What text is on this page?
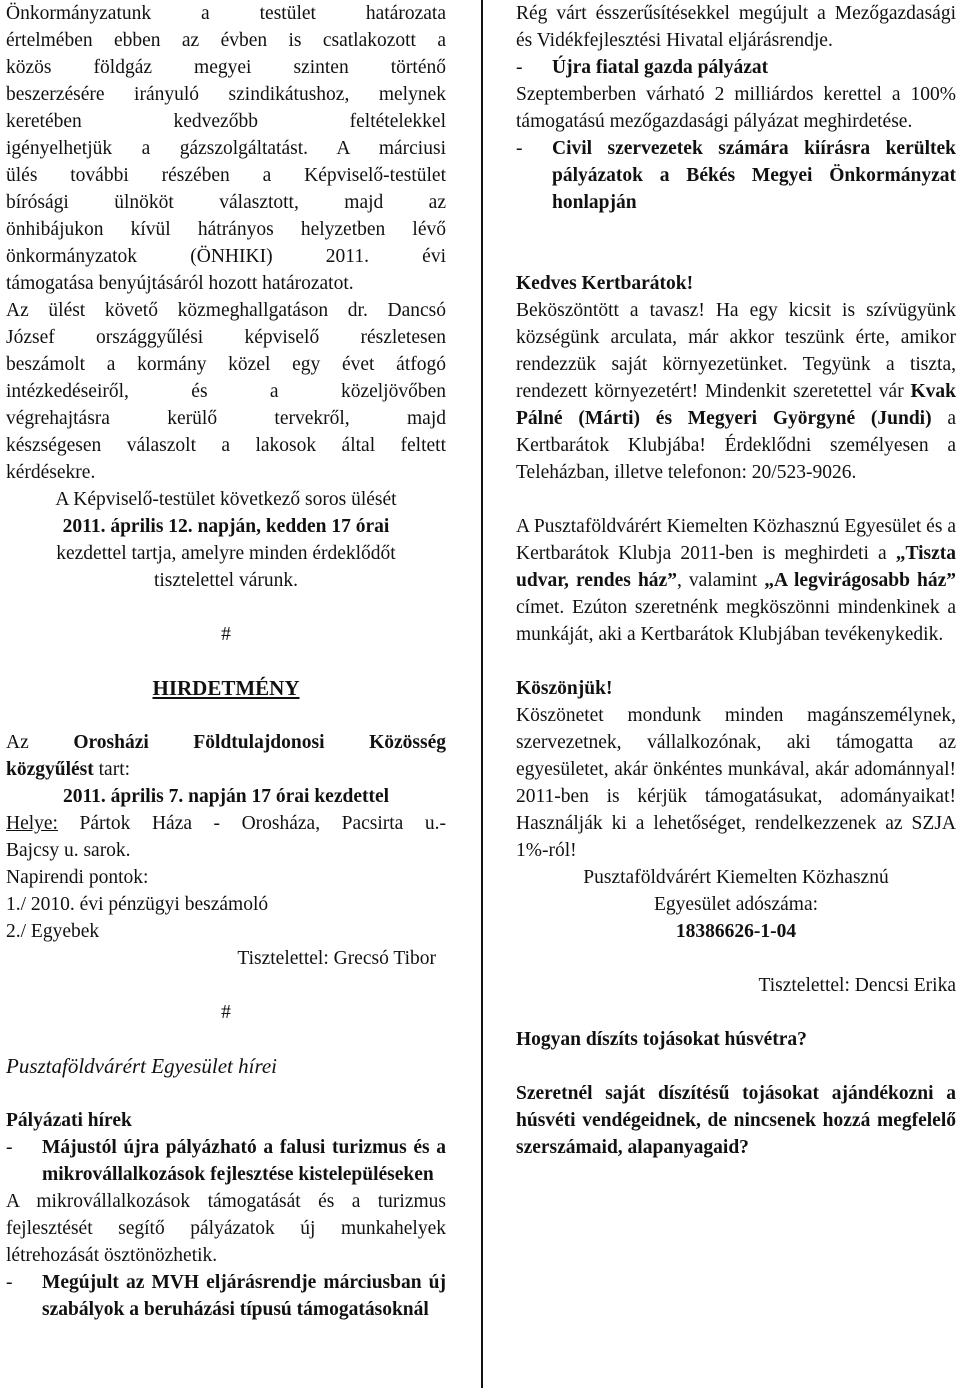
Önkormányzatunk a testület határozata

értelmében ebben az évben is csatlakozott a

közös földgáz megyei szinten történő

beszerzésére irányuló szindikátushoz, melynek

keretében kedvezőbb feltételekkel

igényelhetjük a gázszolgáltatást. A márciusi

ülés további részében a Képviselő-testület

bírósági ülnököt választott, majd az

önhibájukon kívül hátrányos helyzetben lévő

önkormányzatok (ÖNHIKI) 2011. évi

támogatása benyújtásáról hozott határozatot.

Az ülést követő közmeghallgatáson dr. Dancsó

József országgyűlési képviselő részletesen

beszámolt a kormány közel egy évet átfogó

intézkedéseiről, és a közeljövőben

végrehajtásra kerülő tervekről, majd

készségesen válaszolt a lakosok által feltett

kérdésekre.

A Képviselő-testület következő soros ülését

2011. április 12. napján, kedden 17 órai

kezdettel tartja, amelyre minden érdeklődőt

tisztelettel várunk.

#

HIRDETMÉNY

Az Orosházi Földtulajdonosi Közösség

közgyűlést tart:

2011. április 7. napján 17 órai kezdettel

Helye: Pártok Háza - Orosháza, Pacsirta u.-

Bajcsy u. sarok.

Napirendi pontok:

1./ 2010. évi pénzügyi beszámoló

2./ Egyebek

Tisztelettel: Grecsó Tibor

#

Pusztaföldvárért Egyesület hírei

Pályázati hírek

-	Májustól újra pályázható a falusi turizmus és a mikrovállalkozások fejlesztése kistelepüléseken

A mikrovállalkozások támogatását és a turizmus fejlesztését segítő pályázatok új munkahelyek létrehozását ösztönözhetik.

-	Megújult az MVH eljárásrendje márciusban új szabályok a beruházási típusú támogatásoknál

Rég várt ésszerűsítésekkel megújult a Mezőgazdasági és Vidékfejlesztési Hivatal eljárásrendje.

-	Újra fiatal gazda pályázat

Szeptemberben várható 2 milliárdos kerettel a 100% támogatású mezőgazdasági pályázat meghirdetése.

-	Civil szervezetek számára kiírásra kerültek pályázatok a Békés Megyei Önkormányzat honlapján

Kedves Kertbarátok!

Beköszöntött a tavasz! Ha egy kicsit is szívügyünk községünk arculata, már akkor teszünk érte, amikor rendezzük saját környezetünket. Tegyünk a tiszta, rendezett környezetért! Mindenkit szeretettel vár Kvak Pálné (Márti) és Megyeri Györgyné (Jundi) a Kertbarátok Klubjába! Érdeklődni személyesen a Teleházban, illetve telefonon: 20/523-9026.

A Pusztaföldvárért Kiemelten Közhasznú Egyesület és a Kertbarátok Klubja 2011-ben is meghirdeti a „Tiszta udvar, rendes ház”, valamint „A legvirágosabb ház” címet. Ezúton szeretnénk megköszönni mindenkinek a munkáját, aki a Kertbarátok Klubjában tevékenykedik.

Köszönjük!

Köszönetet mondunk minden magánszemélynek, szervezetnek, vállalkozónak, aki támogatta az egyesületet, akár önkéntes munkával, akár adománnyal! 2011-ben is kérjük támogatásukat, adományaikat! Használják ki a lehetőséget, rendelkezzenek az SZJA 1%-ról!

Pusztaföldvárért Kiemelten Közhasznú

Egyesület adószáma:

18386626-1-04

Tisztelettel: Dencsi Erika

Hogyan díszíts tojásokat húsvétra?

Szeretnél saját díszítésű tojásokat ajándékozni a húsvéti vendégeidnek, de nincsenek hozzá megfelelő szerszámaid, alapanyagaid?
